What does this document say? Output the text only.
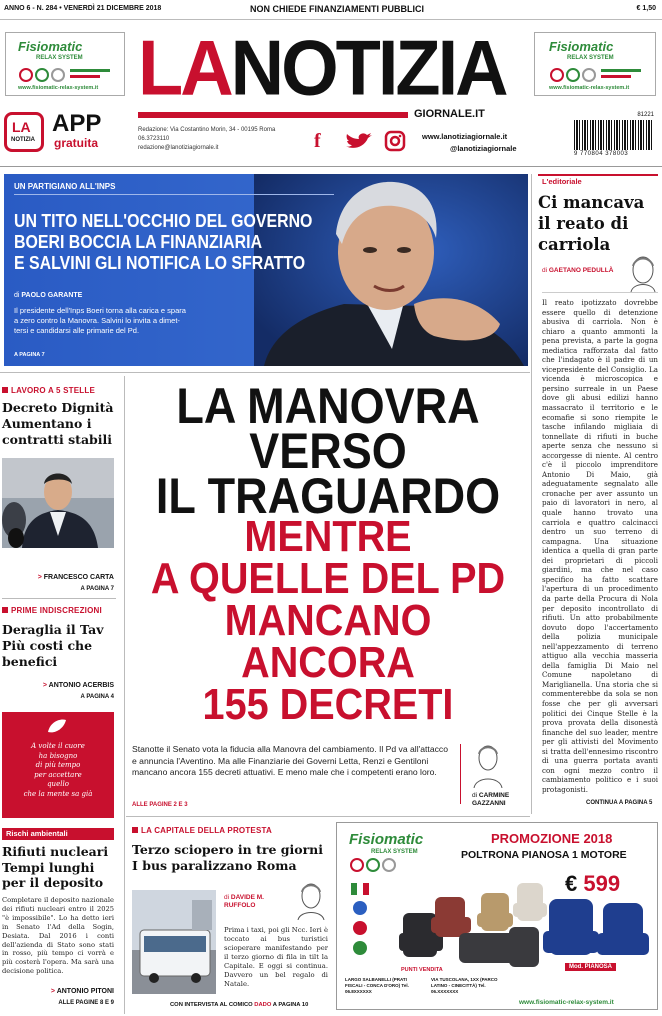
ANNO 6 - N. 284 • VENERDÌ 21 DICEMBRE 2018	NON CHIEDE FINANZIAMENTI PUBBLICI	€ 1,50
Fisiomatic
RELAX SYSTEM
www.fisiomatic-relax-system.it
Fisiomatic
RELAX SYSTEM
www.fisiomatic-relax-system.it
LANOTIZIA
GIORNALE.IT
LA
NOTIZIA
APP
gratuita
Redazione: Via Costantino Morin, 34 - 00195 Roma
06.3723110
redazione@lanotiziagiornale.it	f	www.lanotiziagiornale.it
@lanotiziagiornale
81221
9 770804 378003
UN PARTIGIANO ALL'INPS
UN TITO NELL'OCCHIO DEL GOVERNO
BOERI BOCCIA LA FINANZIARIA
E SALVINI GLI NOTIFICA LO SFRATTO
di PAOLO GARANTE
Il presidente dell'Inps Boeri torna alla carica e spara
a zero contro la Manovra. Salvini lo invita a dimet-
tersi e candidarsi alle primarie del Pd.
A PAGINA 7
L'editoriale
Ci mancava il reato di carriola
di GAETANO PEDULLÀ
Il reato ipotizzato dovrebbe essere quello di detenzione abusiva di carriola. Non è chiaro a quanto ammonti la pena prevista, a parte la gogna mediatica rafforzata dal fatto che l'indagato è il padre di un vicepresidente del Consiglio. La vicenda è microscopica e persino surreale in un Paese dove gli abusi edilizi hanno massacrato il territorio e le ecomafie si sono riempite le tasche infilando migliaia di tonnellate di rifiuti in buche aperte senza che nessuno si accorgesse di niente. Al centro c'è il piccolo imprenditore Antonio Di Maio, già adeguatamente segnalato alle cronache per aver assunto un paio di lavoratori in nero, al quale hanno trovato una carriola e quattro calcinacci dentro un suo terreno di campagna. Una situazione identica a quella di gran parte dei proprietari di piccoli giardini, ma che nel caso specifico ha fatto scattare l'apertura di un procedimento da parte della Procura di Nola per deposito incontrollato di rifiuti. Un atto probabilmente dovuto dopo l'accertamento della polizia municipale nell'appezzamento di terreno attiguo alla vecchia masseria della famiglia Di Maio nel Comune napoletano di Mariglianella. Una storia che si commenterebbe da sola se non fosse che per gli avversari politici dei Cinque Stelle è la prova provata della disonestà finanche del suo leader, mentre per gli attivisti del Movimento si tratta dell'ennesimo riscontro di una guerra portata avanti con ogni mezzo contro il cambiamento politico e i suoi protagonisti.
CONTINUA A PAGINA 5
LAVORO A 5 STELLE
Decreto Dignità Aumentano i contratti stabili
> FRANCESCO CARTA
A PAGINA 7
PRIME INDISCREZIONI
Deraglia il Tav Più costi che benefici
> ANTONIO ACERBIS
A PAGINA 4
A volte il cuore
ha bisogno
di più tempo
per accettare
quello
che la mente sa già
Rischi ambientali
Rifiuti nucleari Tempi lunghi per il deposito
Completare il deposito nazionale dei rifiuti nucleari entro il 2025 "è impossibile". Lo ha detto ieri in Senato l'Ad della Sogin, Desiata. Dal 2016 i conti dell'azienda di Stato sono stati in rosso, più tempo ci vorrà e più costerà l'opera. Ma sarà una decisione politica.
> ANTONIO PITONI
ALLE PAGINE 8 E 9
LA MANOVRA
VERSO
IL TRAGUARDO
MENTRE
A QUELLE DEL PD
MANCANO
ANCORA
155 DECRETI
Stanotte il Senato vota la fiducia alla Manovra del cambiamento. Il Pd va all'attacco e annuncia l'Aventino. Ma alle Finanziarie dei Governi Letta, Renzi e Gentiloni mancano ancora 155 decreti attuativi. E meno male che i competenti erano loro.
ALLE PAGINE 2 E 3
di CARMINE GAZZANNI
LA CAPITALE DELLA PROTESTA
Terzo sciopero in tre giorni I bus paralizzano Roma
di DAVIDE M. RUFFOLO
Prima i taxi, poi gli Ncc. Ieri è toccato ai bus turistici scioperare manifestando per il terzo giorno di fila in tilt la Capitale. E oggi si continua. Davvero un bel regalo di Natale.
CON INTERVISTA AL COMICO DADO A PAGINA 10
Fisiomatic
RELAX SYSTEM
PROMOZIONE 2018
POLTRONA PIANOSA 1 MOTORE
€ 599
Mod. PIANOSA
PUNTI VENDITA
LARGO SALBANELLI (PRATI FISCALI - CONCA D'ORO) Tel. 06.8XXXXXX
VIA TUSCOLANA, 1XX (PARCO LATINO - CINECITTÀ) Tel. 06.XXXXXXX
www.fisiomatic-relax-system.it
